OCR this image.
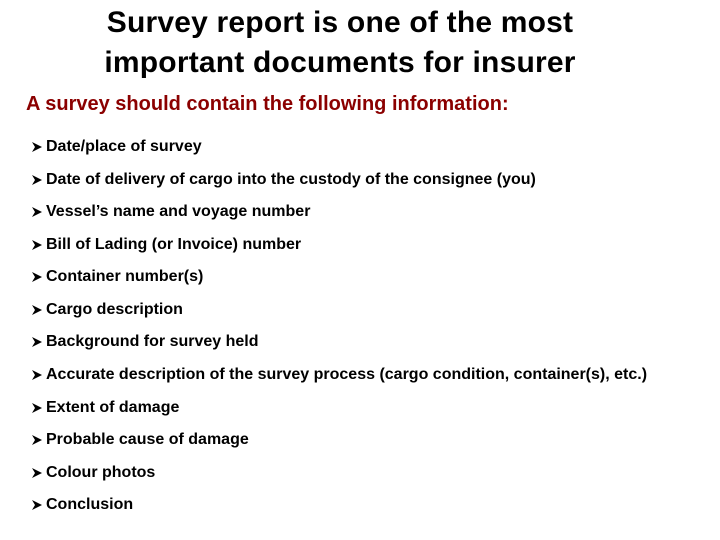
Survey report is one of the most
important documents for insurer
A survey should contain the following information:
Date/place of survey
Date of delivery of cargo into the custody of the consignee (you)
Vessel’s name and voyage number
Bill of Lading (or Invoice) number
Container number(s)
Cargo description
Background for survey held
Accurate description of the survey process (cargo condition, container(s), etc.)
Extent of damage
Probable cause of damage
Colour photos
Conclusion
